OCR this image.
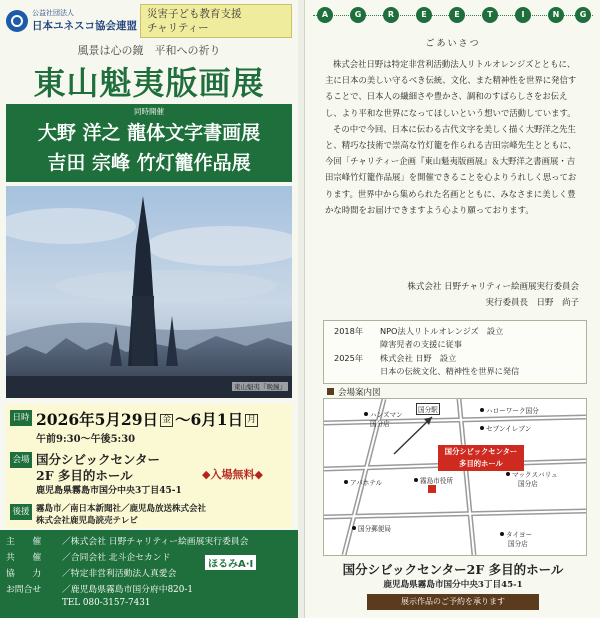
公益社団法人
日本ユネスコ協会連盟
災害子ども教育支援
チャリティー
風景は心の鏡　平和への祈り
東山魁夷版画展
同時開催
大野 洋之 龍体文字書画展
吉田 宗峰 竹灯籠作品展
東山魁夷『晩鐘』
日時 2026年5月29日 金 ～6月1日 月
午前9:30～午後5:30
会場 国分シビックセンター
2F 多目的ホール	◆入場無料◆
鹿児島県霧島市国分中央3丁目45-1
後援 霧島市／南日本新聞社／鹿児島放送株式会社
株式会社鹿児島読売テレビ
主　　催 ／株式会社 日野チャリティー絵画展実行委員会
共　　催 ／合同会社 北斗企セカンド
協　　力 ／特定非営利活動法人真愛会
お問合せ ／鹿児島県霧島市国分府中820-1
TEL 080-3157-7431
ほるみA·I
A	G	R	E	E	T	I	N	G
ごあいさつ

株式会社日野は特定非営利活動法人リトルオレンジズとともに、主に日本の美しい守るべき伝統、文化、また精神性を世界に発信することで、日本人の繊細さや豊かさ、調和のすばらしさをお伝えし、より平和な世界になってほしいという想いで活動しています。

その中で今回、日本に伝わる古代文字を美しく描く大野洋之先生と、精巧な技術で崇高な竹灯籠を作られる吉田宗峰先生とともに、今回「チャリティー企画『東山魁夷版画展』＆大野洋之書画展・吉田宗峰竹灯籠作品展」を開催できることを心よりうれしく思っております。世界中から集められた名画とともに、みなさまに美しく豊かな時間をお届けできますよう心より願っております。

株式会社 日野チャリティー絵画展実行委員会
実行委員長　日野　尚子
2018年 NPO法人リトルオレンジズ　設立
障害児者の支援に従事
2025年 株式会社 日野　設立
日本の伝統文化、精神性を世界に発信
会場案内図
ハンズマン
国分店
国分駅	ハローワーク国分
セブンイレブン
国分シビックセンター
多目的ホール
霧島市役所
アパホテル
マックスバリュ
国分店
国分郵便局
タイヨー
国分店
国分シビックセンター2F 多目的ホール
鹿児島県霧島市国分中央3丁目45-1
展示作品のご予約を承ります
